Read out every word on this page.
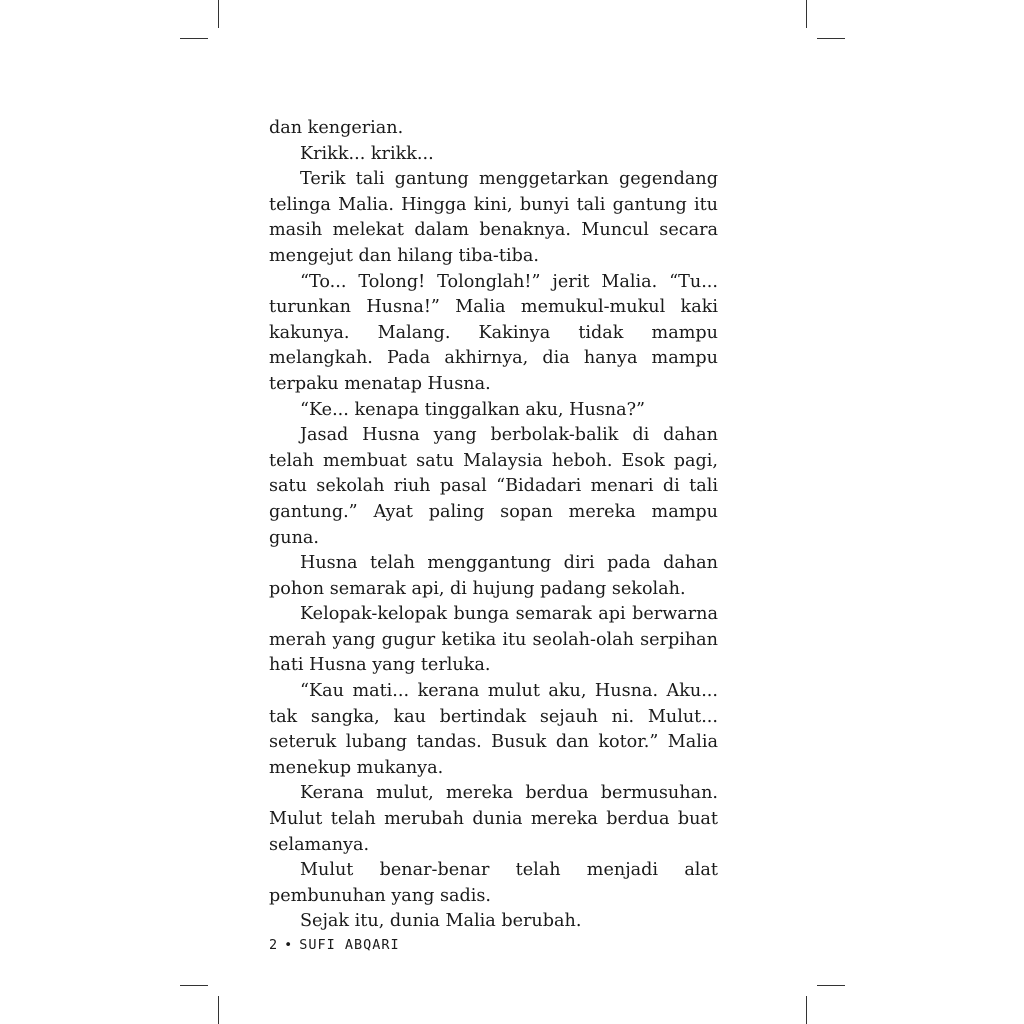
dan kengerian.

Krikk... krikk...

Terik tali gantung menggetarkan gegendang telinga Malia. Hingga kini, bunyi tali gantung itu masih melekat dalam benaknya. Muncul secara mengejut dan hilang tiba-tiba.

“To... Tolong! Tolonglah!” jerit Malia. “Tu... turunkan Husna!” Malia memukul-mukul kaki kakunya. Malang. Kakinya tidak mampu melangkah. Pada akhirnya, dia hanya mampu terpaku menatap Husna.

“Ke... kenapa tinggalkan aku, Husna?”

Jasad Husna yang berbolak-balik di dahan telah membuat satu Malaysia heboh. Esok pagi, satu sekolah riuh pasal “Bidadari menari di tali gantung.” Ayat paling sopan mereka mampu guna.

Husna telah menggantung diri pada dahan pohon semarak api, di hujung padang sekolah.

Kelopak-kelopak bunga semarak api berwarna merah yang gugur ketika itu seolah-olah serpihan hati Husna yang terluka.

“Kau mati... kerana mulut aku, Husna. Aku... tak sangka, kau bertindak sejauh ni. Mulut... seteruk lubang tandas. Busuk dan kotor.” Malia menekup mukanya.

Kerana mulut, mereka berdua bermusuhan. Mulut telah merubah dunia mereka berdua buat selamanya.

Mulut benar-benar telah menjadi alat pembunuhan yang sadis.

Sejak itu, dunia Malia berubah.

2 • SUFI ABQARI
